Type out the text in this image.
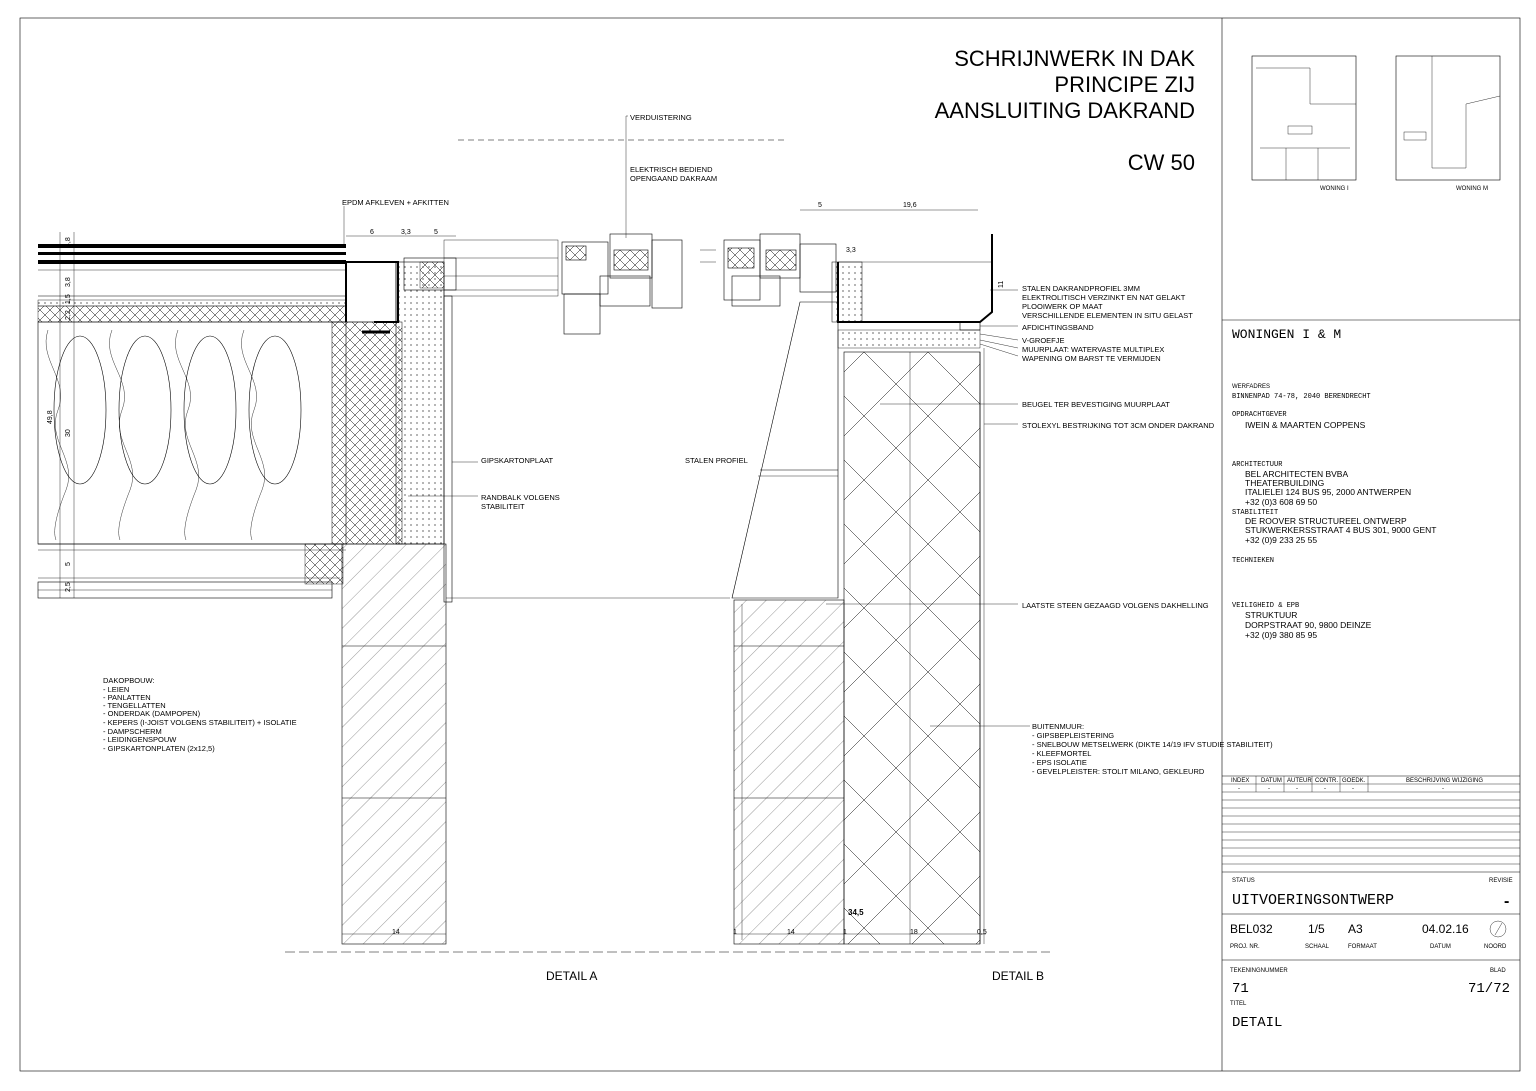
SCHRIJNWERK IN DAK
PRINCIPE ZIJ
AANSLUITING DAKRAND
CW 50
VERDUISTERING
ELEKTRISCH BEDIEND
OPENGAAND DAKRAAM
EPDM AFKLEVEN + AFKITTEN
GIPSKARTONPLAAT
RANDBALK VOLGENS
STABILITEIT
STALEN PROFIEL
STALEN DAKRANDPROFIEL 3MM
ELEKTROLITISCH VERZINKT EN NAT GELAKT
PLOOIWERK OP MAAT
VERSCHILLENDE ELEMENTEN IN SITU GELAST
AFDICHTINGSBAND
V-GROEFJE
MUURPLAAT: WATERVASTE MULTIPLEX
WAPENING OM BARST TE VERMIJDEN
BEUGEL TER BEVESTIGING MUURPLAAT
STOLEXYL BESTRIJKING TOT 3CM ONDER DAKRAND
LAATSTE STEEN GEZAAGD VOLGENS DAKHELLING
DETAIL A	DETAIL B
DAKOPBOUW:
- LEIEN
- PANLATTEN
- TENGELLATTEN
- ONDERDAK (DAMPOPEN)
- KEPERS (I-JOIST VOLGENS STABILITEIT) + ISOLATIE
- DAMPSCHERM
- LEIDINGENSPOUW
- GIPSKARTONPLATEN (2x12,5)
BUITENMUUR:
- GIPSBEPLEISTERING
- SNELBOUW METSELWERK (DIKTE 14/19 IFV STUDIE STABILITEIT)
- KLEEFMORTEL
- EPS ISOLATIE
- GEVELPLEISTER: STOLIT MILANO, GEKLEURD
6	3,3	5
4,8
3,8
1,5
2,2
30
5
2,5
49,8
14
5	19,6
3,3
11
1	14	1	18	0,5
34,5
WONING I	WONING M
WONINGEN I & M
WERFADRES
BINNENPAD 74-78, 2040 BERENDRECHT
OPDRACHTGEVER
IWEIN & MAARTEN COPPENS
ARCHITECTUUR
BEL ARCHITECTEN BVBA
THEATERBUILDING
ITALIELEI 124 BUS 95, 2000 ANTWERPEN
+32 (0)3 608 69 50
STABILITEIT
DE ROOVER STRUCTUREEL ONTWERP
STUKWERKERSSTRAAT 4 BUS 301, 9000 GENT
+32 (0)9 233 25 55
TECHNIEKEN
VEILIGHEID & EPB
STRUKTUUR
DORPSTRAAT 90, 9800 DEINZE
+32 (0)9 380 85 95
INDEX DATUM AUTEUR CONTR. GOEDK.	BESCHRIJVING WIJZIGING
-	-	-	-	-	-
STATUS	REVISIE
UITVOERINGSONTWERP	-
BEL032	1/5 A3	04.02.16
PROJ. NR.	SCHAAL	FORMAAT	DATUM	NOORD
TEKENINGNUMMER	BLAD
71	71/72
TITEL
DETAIL
